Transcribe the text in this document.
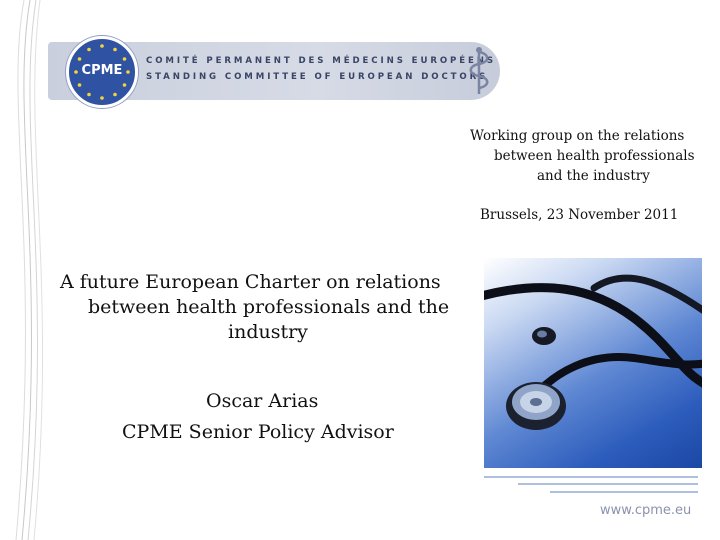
CPME
COMITÉ PERMANENT DES MÉDECINS EUROPÉENS
STANDING COMMITTEE OF EUROPEAN DOCTORS
Working group on the relations
between health professionals
and the industry
Brussels, 23 November 2011
A future European Charter on relations
between health professionals and the
industry
Oscar Arias
CPME Senior Policy Advisor
www.cpme.eu
